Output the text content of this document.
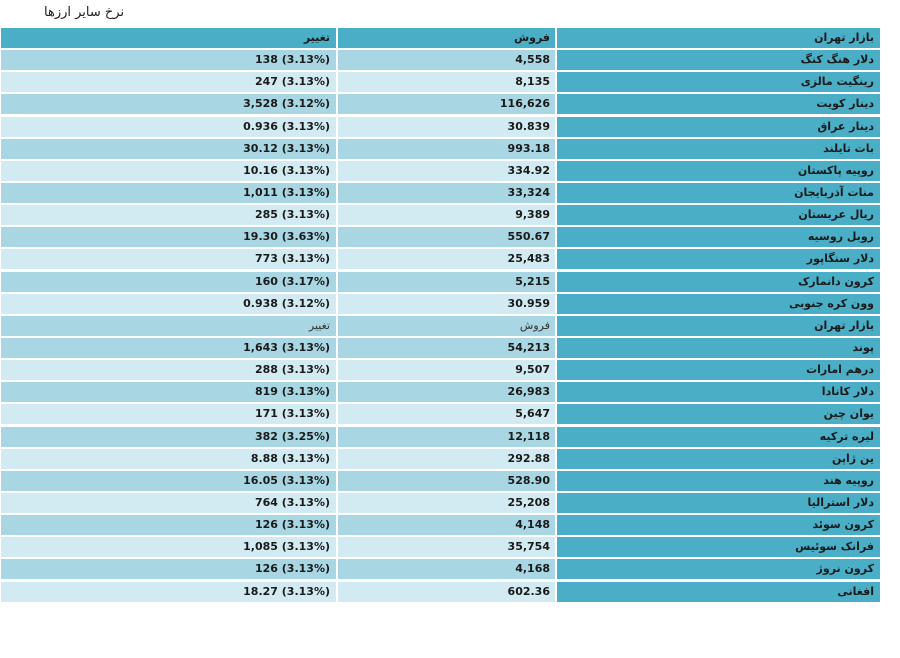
نرخ سایر ارزها
تغییر	فروش	بازار تهران
138 (3.13%)	4,558	دلار هنگ کنگ
247 (3.13%)	8,135	رینگیت مالزی
3,528 (3.12%)	116,626	دینار کویت
0.936 (3.13%)	30.839	دینار عراق
30.12 (3.13%)	993.18	بات تایلند
10.16 (3.13%)	334.92	روپیه پاکستان
1,011 (3.13%)	33,324	منات آذربایجان
285 (3.13%)	9,389	ریال عربستان
19.30 (3.63%)	550.67	روبل روسیه
773 (3.13%)	25,483	دلار سنگاپور
160 (3.17%)	5,215	کرون دانمارک
0.938 (3.12%)	30.959	وون کره جنوبی
تغییر	فروش	بازار تهران
1,643 (3.13%)	54,213	پوند
288 (3.13%)	9,507	درهم امارات
819 (3.13%)	26,983	دلار کانادا
171 (3.13%)	5,647	یوان چین
382 (3.25%)	12,118	لیره ترکیه
8.88 (3.13%)	292.88	ین ژاپن
16.05 (3.13%)	528.90	روپیه هند
764 (3.13%)	25,208	دلار استرالیا
126 (3.13%)	4,148	کرون سوئد
1,085 (3.13%)	35,754	فرانک سوئیس
126 (3.13%)	4,168	کرون نروژ
18.27 (3.13%)	602.36	افغانی
